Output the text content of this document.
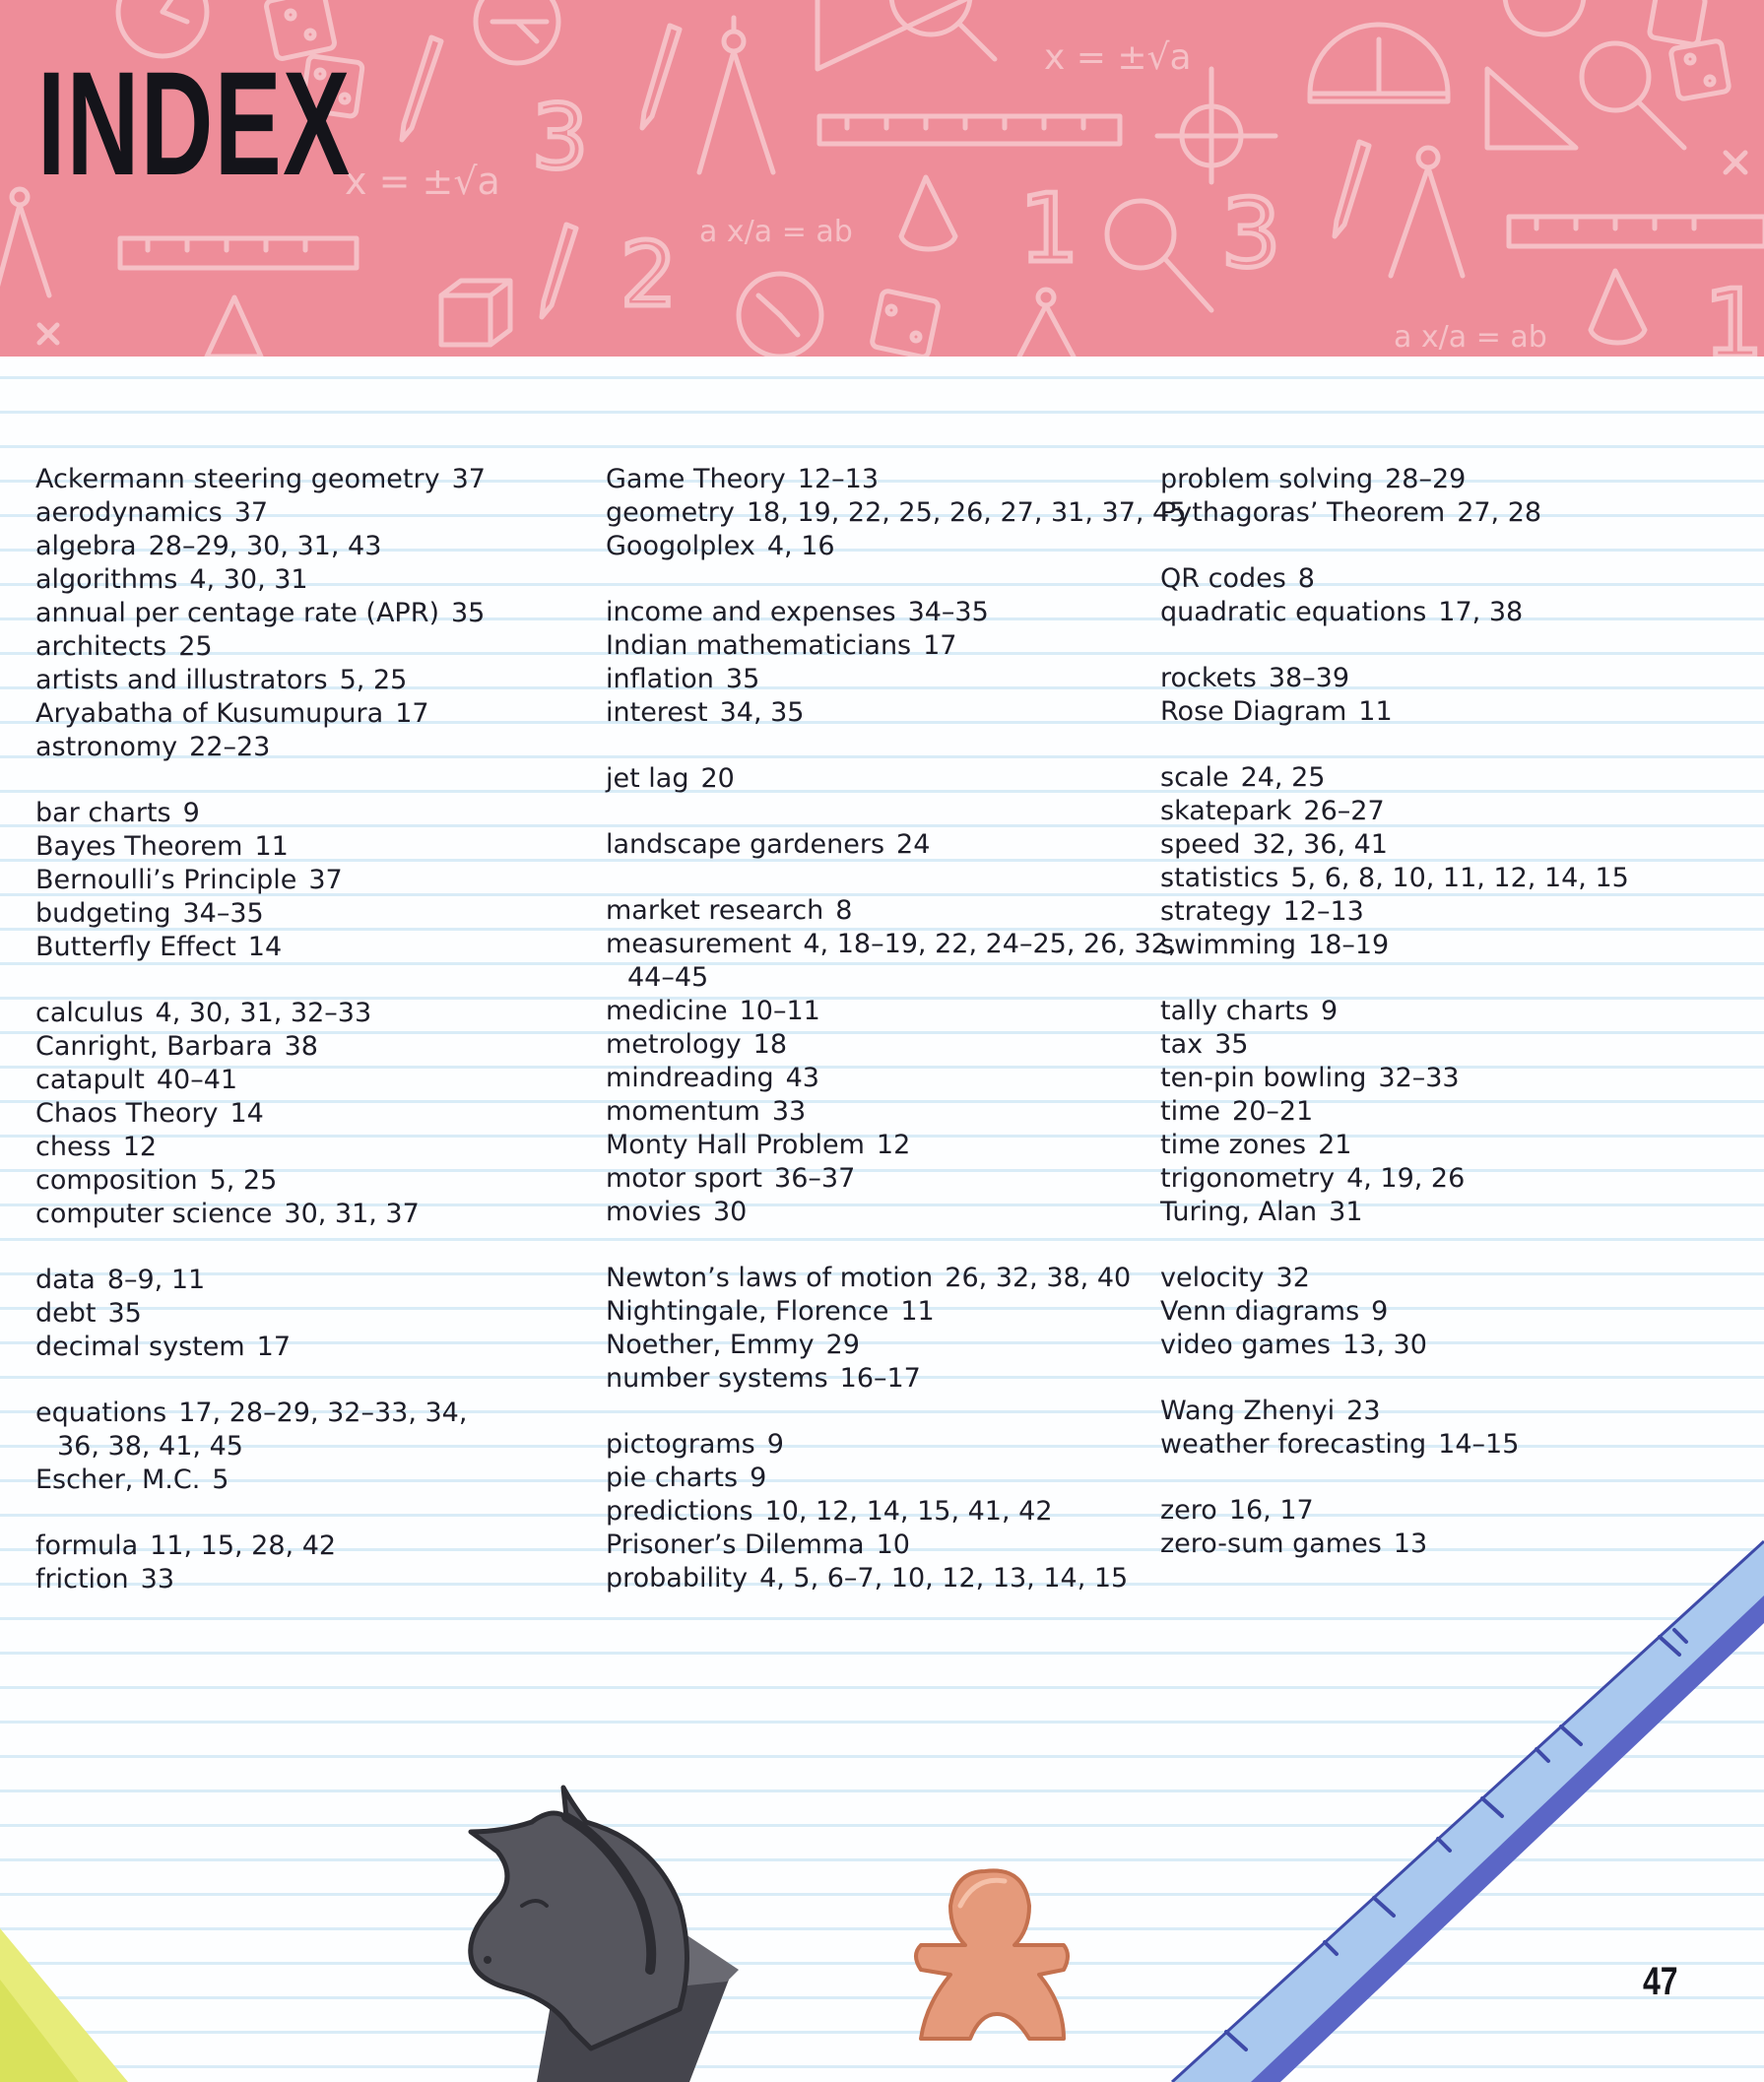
x = ±√a
x = ±√a
a x/a = ab
a x/a = ab
3
2	1 3
1
INDEX
Ackermann steering geometry 37
aerodynamics 37
algebra 28–29, 30, 31, 43
algorithms 4, 30, 31
annual per centage rate (APR) 35
architects 25
artists and illustrators 5, 25
Aryabatha of Kusumupura 17
astronomy 22–23
bar charts 9
Bayes Theorem 11
Bernoulli’s Principle 37
budgeting 34–35
Butterfly Effect 14
calculus 4, 30, 31, 32–33
Canright, Barbara 38
catapult 40–41
Chaos Theory 14
chess 12
composition 5, 25
computer science 30, 31, 37
data 8–9, 11
debt 35
decimal system 17
equations 17, 28–29, 32–33, 34,
36, 38, 41, 45
Escher, M.C. 5
formula 11, 15, 28, 42
friction 33
Game Theory 12–13
geometry 18, 19, 22, 25, 26, 27, 31, 37, 45
Googolplex 4, 16
income and expenses 34–35
Indian mathematicians 17
inflation 35
interest 34, 35
jet lag 20
landscape gardeners 24
market research 8
measurement 4, 18–19, 22, 24–25, 26, 32,
44–45
medicine 10–11
metrology 18
mindreading 43
momentum 33
Monty Hall Problem 12
motor sport 36–37
movies 30
Newton’s laws of motion 26, 32, 38, 40
Nightingale, Florence 11
Noether, Emmy 29
number systems 16–17
pictograms 9
pie charts 9
predictions 10, 12, 14, 15, 41, 42
Prisoner’s Dilemma 10
probability 4, 5, 6–7, 10, 12, 13, 14, 15
problem solving 28–29
Pythagoras’ Theorem 27, 28
QR codes 8
quadratic equations 17, 38
rockets 38–39
Rose Diagram 11
scale 24, 25
skatepark 26–27
speed 32, 36, 41
statistics 5, 6, 8, 10, 11, 12, 14, 15
strategy 12–13
swimming 18–19
tally charts 9
tax 35
ten-pin bowling 32–33
time 20–21
time zones 21
trigonometry 4, 19, 26
Turing, Alan 31
velocity 32
Venn diagrams 9
video games 13, 30
Wang Zhenyi 23
weather forecasting 14–15
zero 16, 17
zero-sum games 13
47
